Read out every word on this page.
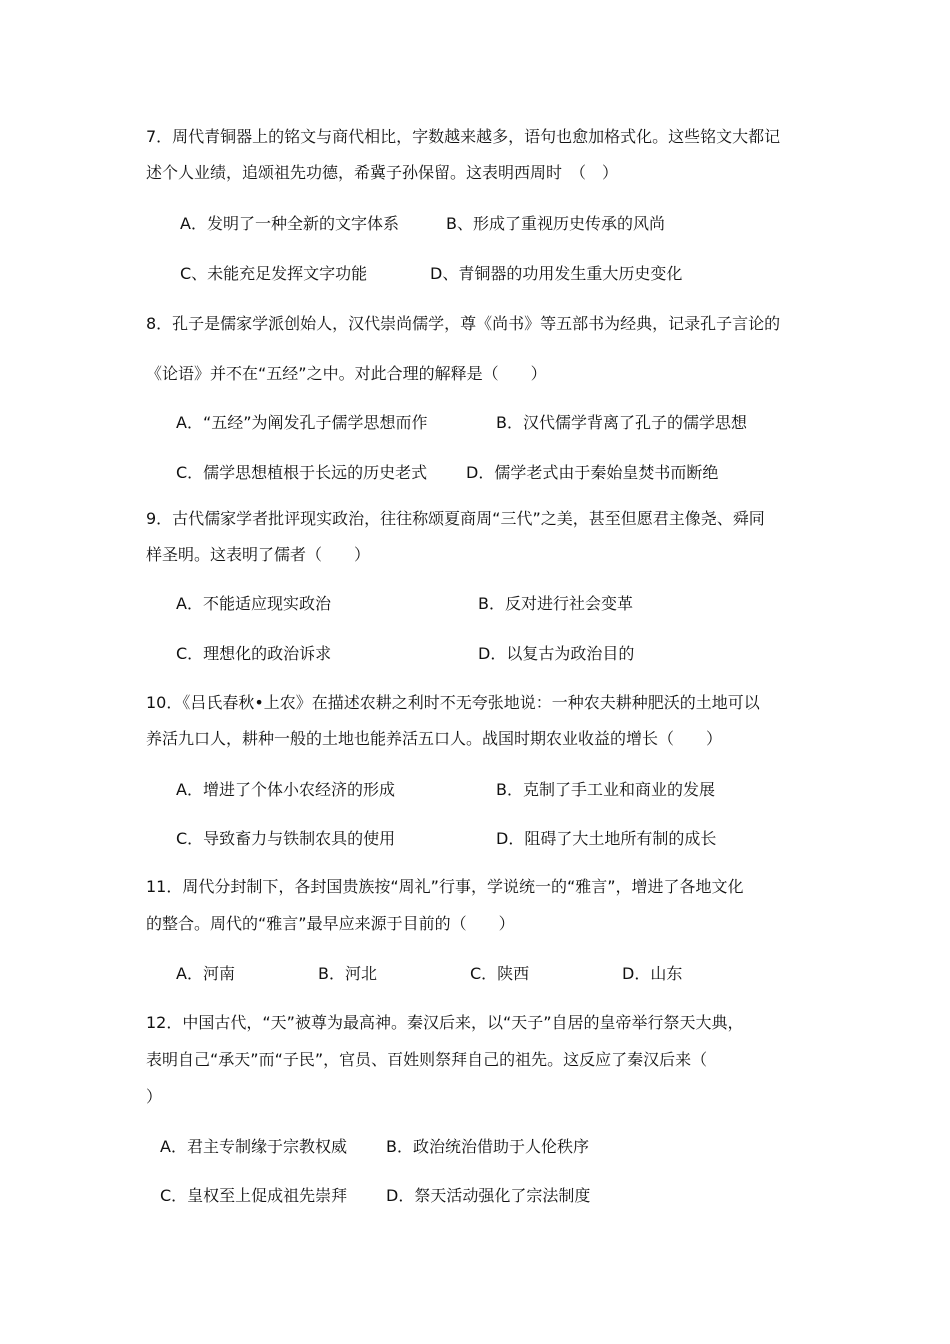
7．周代青铜器上的铭文与商代相比，字数越来越多，语句也愈加格式化。这些铭文大都记
述个人业绩，追颂祖先功德，希冀子孙保留。这表明西周时　（　）
A．发明了一种全新的文字体系	B、形成了重视历史传承的风尚
C、未能充足发挥文字功能	D、青铜器的功用发生重大历史变化
8．孔子是儒家学派创始人，汉代崇尚儒学，尊《尚书》等五部书为经典，记录孔子言论的
《论语》并不在“五经”之中。对此合理的解释是（　　）
A．“五经”为阐发孔子儒学思想而作	B．汉代儒学背离了孔子的儒学思想
C．儒学思想植根于长远的历史老式 D．儒学老式由于秦始皇焚书而断绝
9．古代儒家学者批评现实政治，往往称颂夏商周“三代”之美，甚至但愿君主像尧、舜同
样圣明。这表明了儒者（　　）
A．不能适应现实政治	B．反对进行社会变革
C．理想化的政治诉求	D．以复古为政治目的
10．《吕氏春秋•上农》在描述农耕之利时不无夸张地说：一种农夫耕种肥沃的土地可以
养活九口人，耕种一般的土地也能养活五口人。战国时期农业收益的增长（　　）
A．增进了个体小农经济的形成	B．克制了手工业和商业的发展
C．导致畜力与铁制农具的使用	D．阻碍了大土地所有制的成长
11．周代分封制下，各封国贵族按“周礼”行事，学说统一的“雅言”，增进了各地文化
的整合。周代的“雅言”最早应来源于目前的（　　）
A．河南	B．河北	C．陕西	D．山东
12．中国古代，“天”被尊为最高神。秦汉后来，以“天子”自居的皇帝举行祭天大典，
表明自己“承天”而“子民”，官员、百姓则祭拜自己的祖先。这反应了秦汉后来（
）
A．君主专制缘于宗教权威 B．政治统治借助于人伦秩序
C．皇权至上促成祖先崇拜 D．祭天活动强化了宗法制度
